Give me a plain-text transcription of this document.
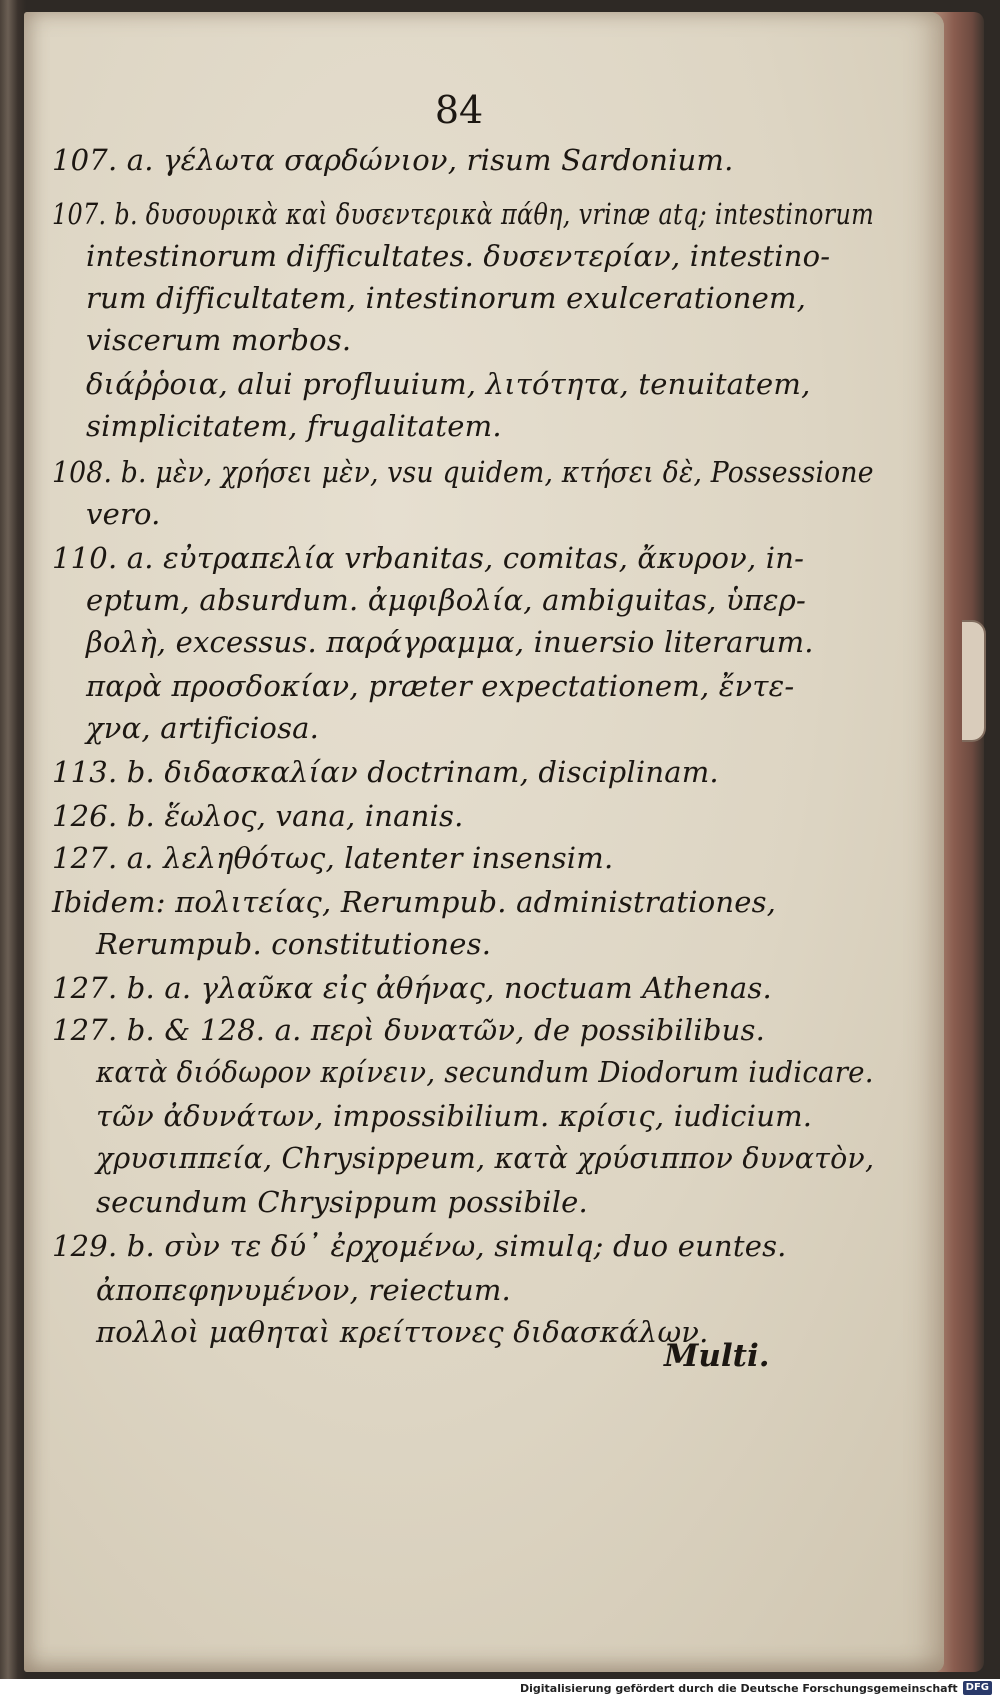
84
107. a. γέλωτα σαρδώνιον, risum Sardonium.
107. b. δυσουρικὰ καὶ δυσεντερικὰ πάθη, vrinæ atq; intestinorum
intestinorum difficultates. δυσεντερίαν, intestino-
rum difficultatem, intestinorum exulcerationem,
viscerum morbos.
διάῤῥοια, alui profluuium, λιτότητα, tenuitatem,
simplicitatem, frugalitatem.
108. b. μὲν, χρήσει μὲν, vsu quidem, κτήσει δὲ, Possessione
vero.
110. a. εὐτραπελία vrbanitas, comitas, ἄκυρον, in-
eptum, absurdum. ἀμφιβολία, ambiguitas, ὑπερ-
βολὴ, excessus. παράγραμμα, inuersio literarum.
παρὰ προσδοκίαν, præter expectationem, ἔντε-
χνα, artificiosa.
113. b. διδασκαλίαν doctrinam, disciplinam.
126. b. ἕωλος, vana, inanis.
127. a. λεληθότως, latenter insensim.
Ibidem: πολιτείας, Rerumpub. administrationes,
Rerumpub. constitutiones.
127. b. a. γλαῦκα εἰς ἀθήνας, noctuam Athenas.
127. b. & 128. a. περὶ δυνατῶν, de possibilibus.
κατὰ διόδωρον κρίνειν, secundum Diodorum iudicare.
τῶν ἀδυνάτων, impossibilium. κρίσις, iudicium.
χρυσιππεία, Chrysippeum, κατὰ χρύσιππον δυνατὸν,
secundum Chrysippum possibile.
129. b. σὺν τε δύ᾽ ἐρχομένω, simulq; duo euntes.
ἀποπεφηνυμένον, reiectum.
πολλοὶ μαθηταὶ κρείττονες διδασκάλων.
Multi.
Digitalisierung gefördert durch die Deutsche Forschungsgemeinschaft DFG
